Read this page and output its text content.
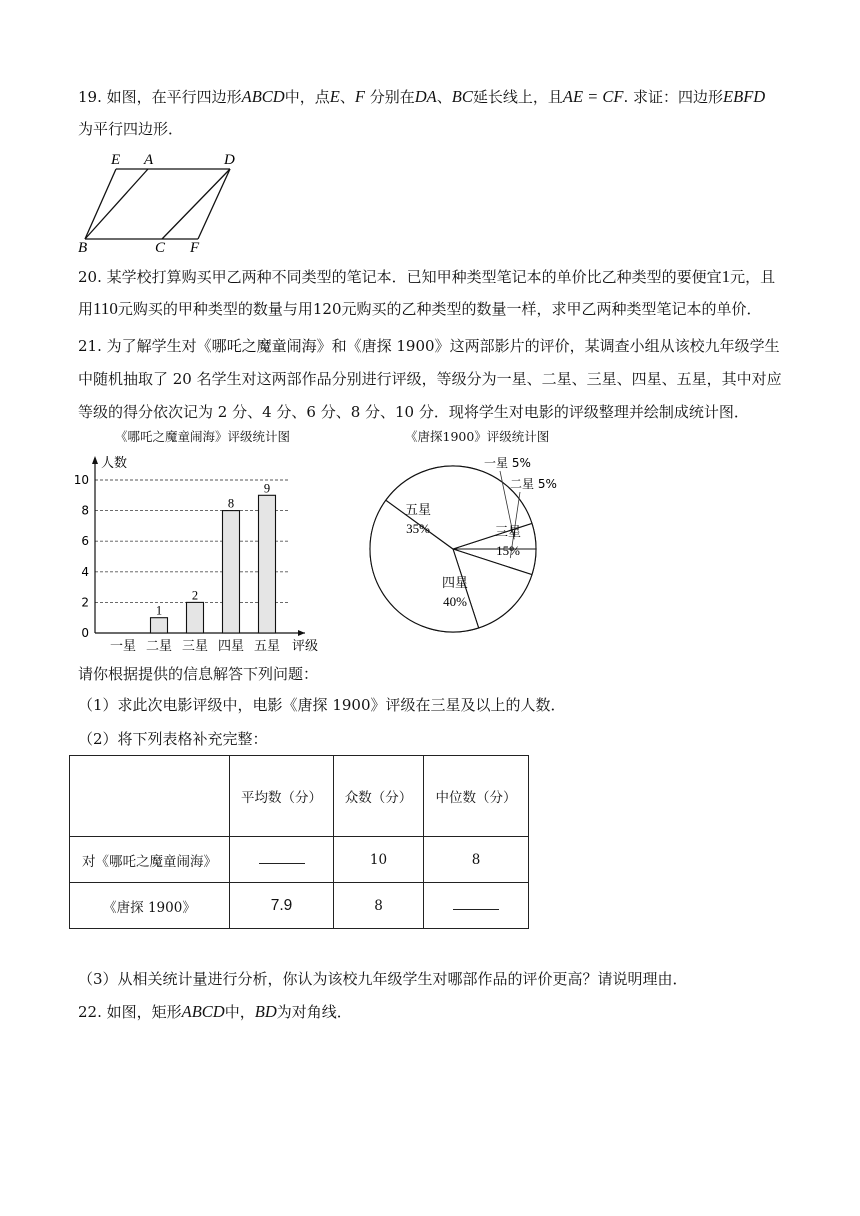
19. 如图，在平行四边形ABCD中，点E、F 分别在DA、BC延长线上，且AE = CF. 求证：四边形EBFD
为平行四边形．
E A	D
B	C F
20. 某学校打算购买甲乙两种不同类型的笔记本．已知甲种类型笔记本的单价比乙种类型的要便宜1元，且
用110元购买的甲种类型的数量与用120元购买的乙种类型的数量一样，求甲乙两种类型笔记本的单价．
21. 为了解学生对《哪吒之魔童闹海》和《唐探 1900》这两部影片的评价，某调查小组从该校九年级学生
中随机抽取了 20 名学生对这两部作品分别进行评级，等级分为一星、二星、三星、四星、五星，其中对应
等级的得分依次记为 2 分、4 分、6 分、8 分、10 分．现将学生对电影的评级整理并绘制成统计图．
《哪吒之魔童闹海》评级统计图	《唐探1900》评级统计图
0
2
4
6
8
10
人数
评级
一星 二星
1
三星
2
四星
8
五星
9
一星 5%
二星 5%
三星
15%
四星
40%
五星
35%
请你根据提供的信息解答下列问题：
（1）求此次电影评级中，电影《唐探 1900》评级在三星及以上的人数．
（2）将下列表格补充完整：
	平均数（分）	众数（分）	中位数（分）
对《哪吒之魔童闹海》		10	8
《唐探 1900》	7.9	8	
（3）从相关统计量进行分析，你认为该校九年级学生对哪部作品的评价更高？请说明理由．
22. 如图，矩形ABCD中，BD为对角线．
